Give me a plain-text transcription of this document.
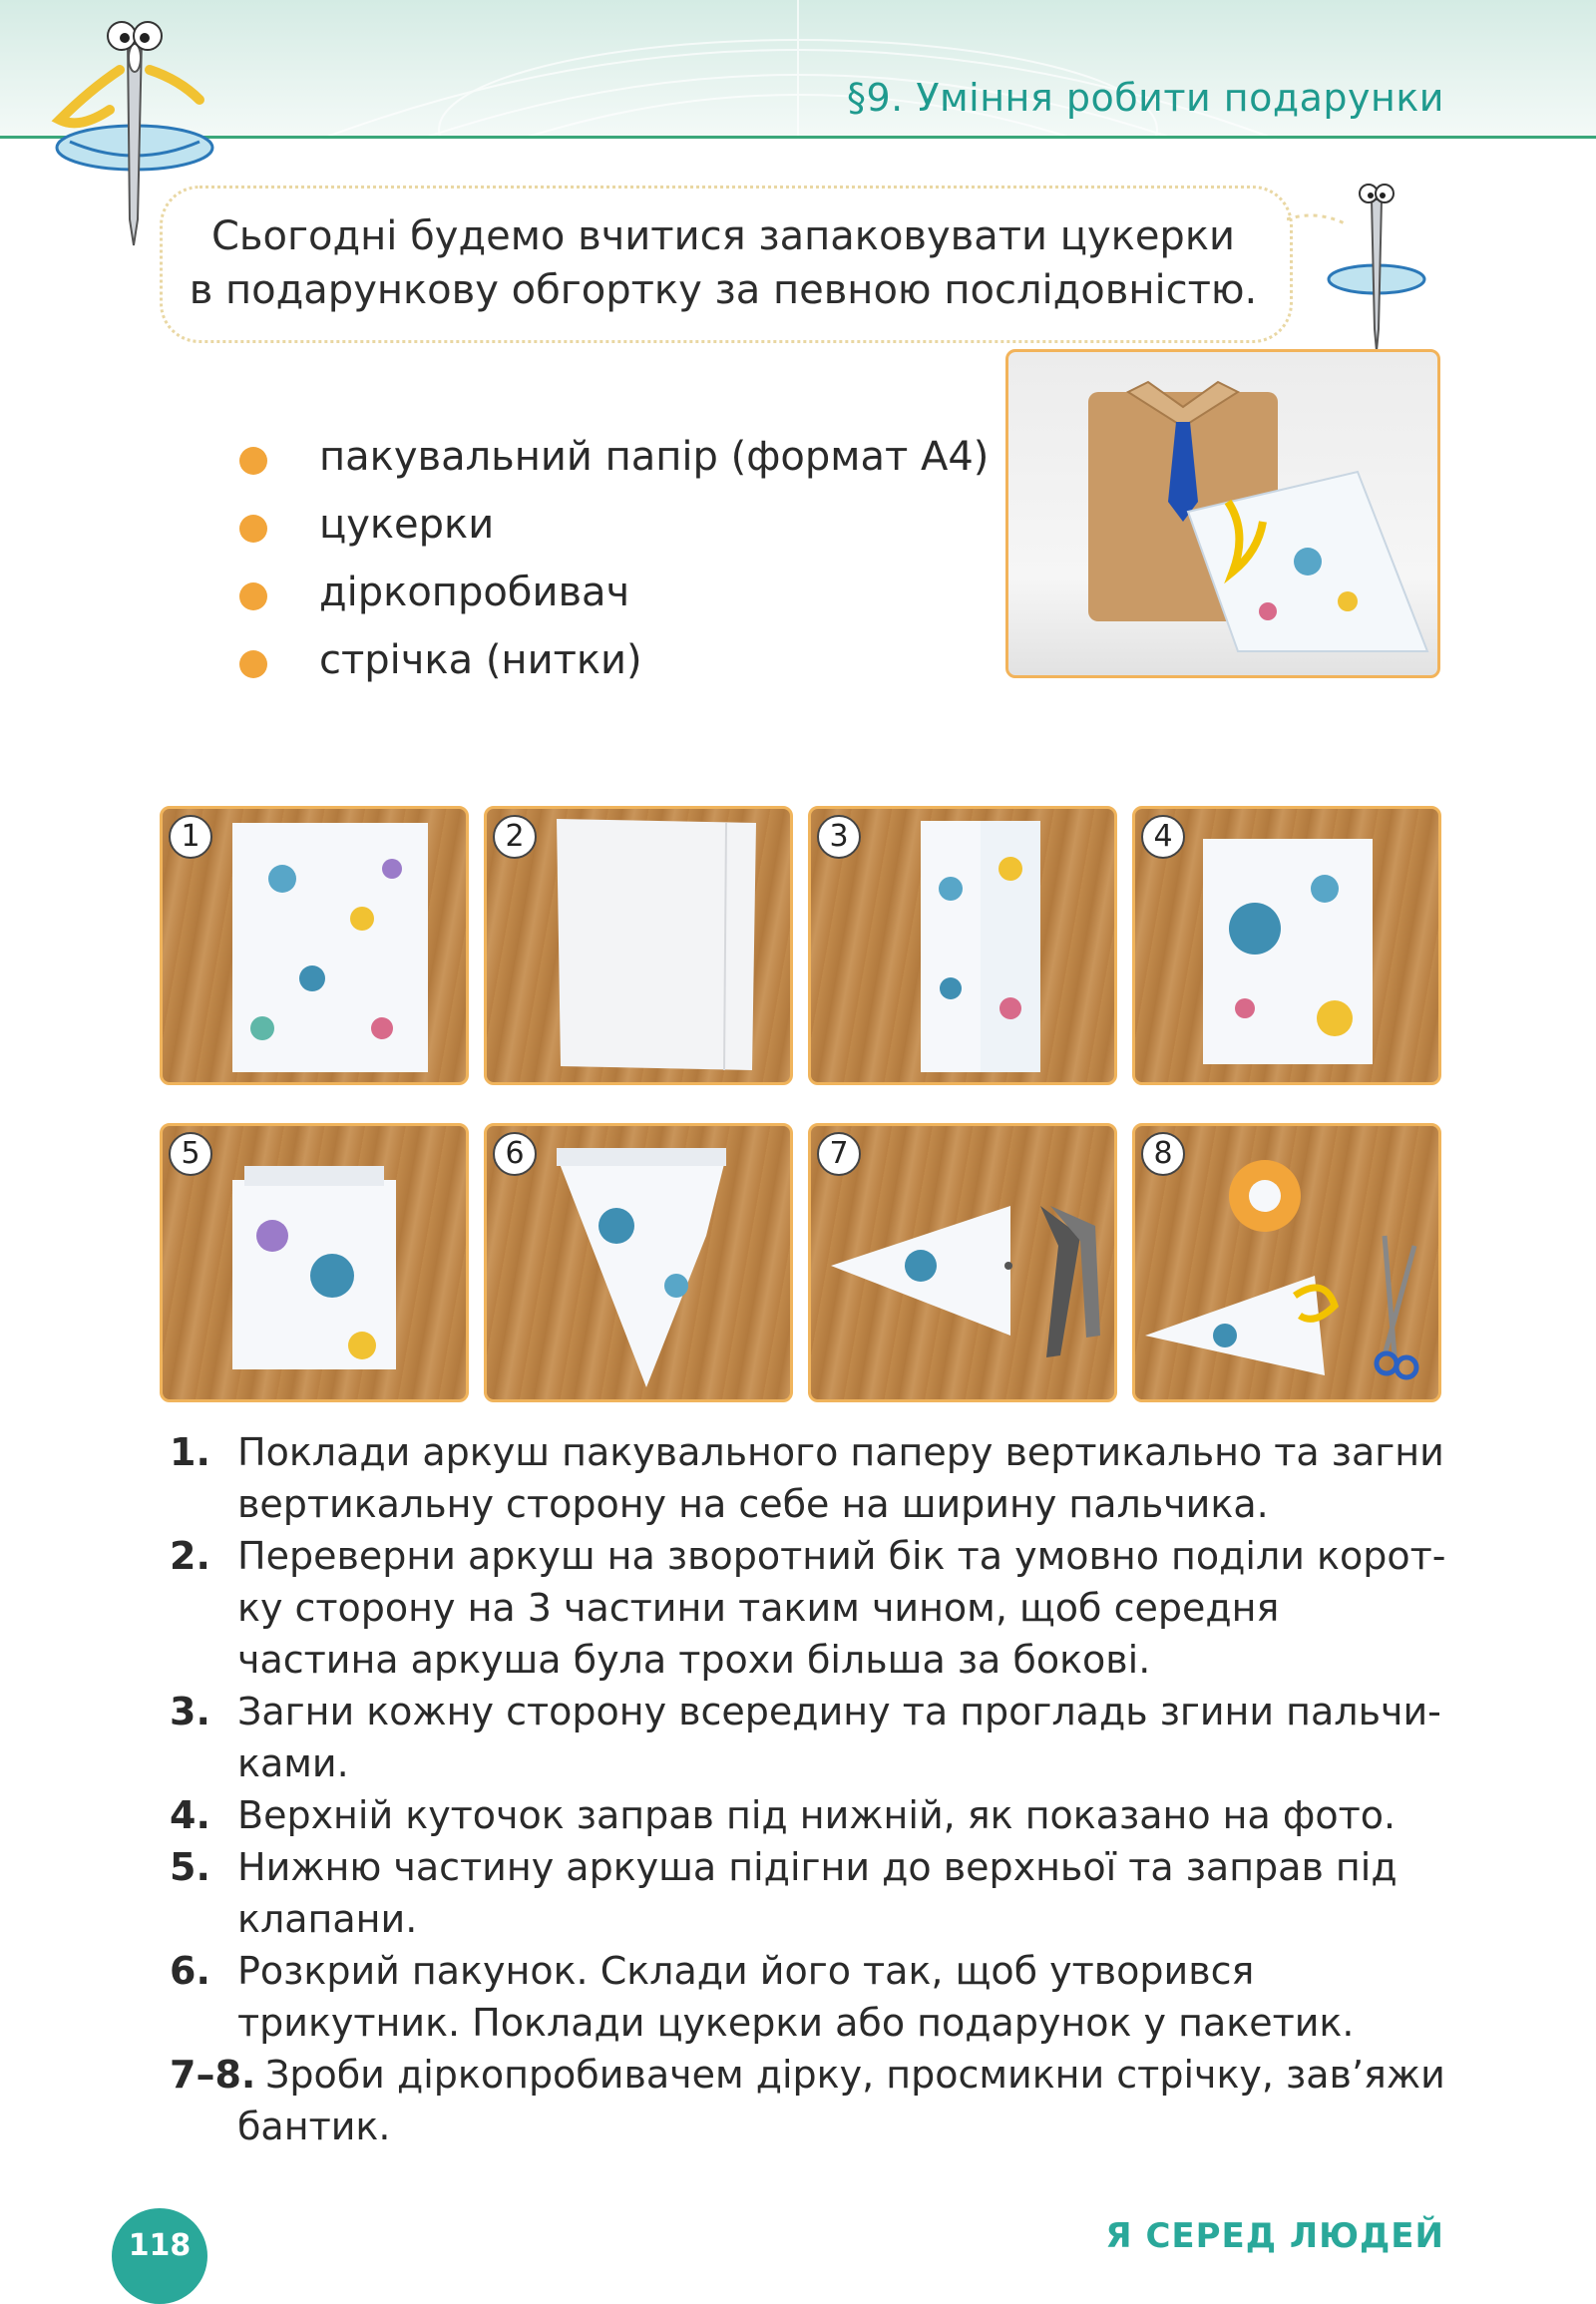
§9. Уміння робити подарунки
Сьогодні будемо вчитися запаковувати цукерки
в подарункову обгортку за певною послідовністю.
пакувальний папір (формат А4)
цукерки
діркопробивач
стрічка (нитки)
1	2	3	4
5	6	7	8
1. Поклади аркуш пакувального паперу вертикально та загни вертикальну сторону на себе на ширину пальчика.
2. Переверни аркуш на зворотний бік та умовно поділи коротку сторону на 3 частини таким чином, щоб середня частина аркуша була трохи більша за бокові.
3. Загни кожну сторону всередину та проглaдь згини пальчиками.
4. Верхній куточок заправ під нижній, як показано на фото.
5. Нижню частину аркуша підігни до верхньої та заправ під клапани.
6. Розкрий пакунок. Склади його так, щоб утворився трикутник. Поклади цукерки або подарунок у пакетик.
7–8. Зроби діркопробивачем дірку, просмикни стрічку, зав’яжи бантик.
118	Я СЕРЕД ЛЮДЕЙ
